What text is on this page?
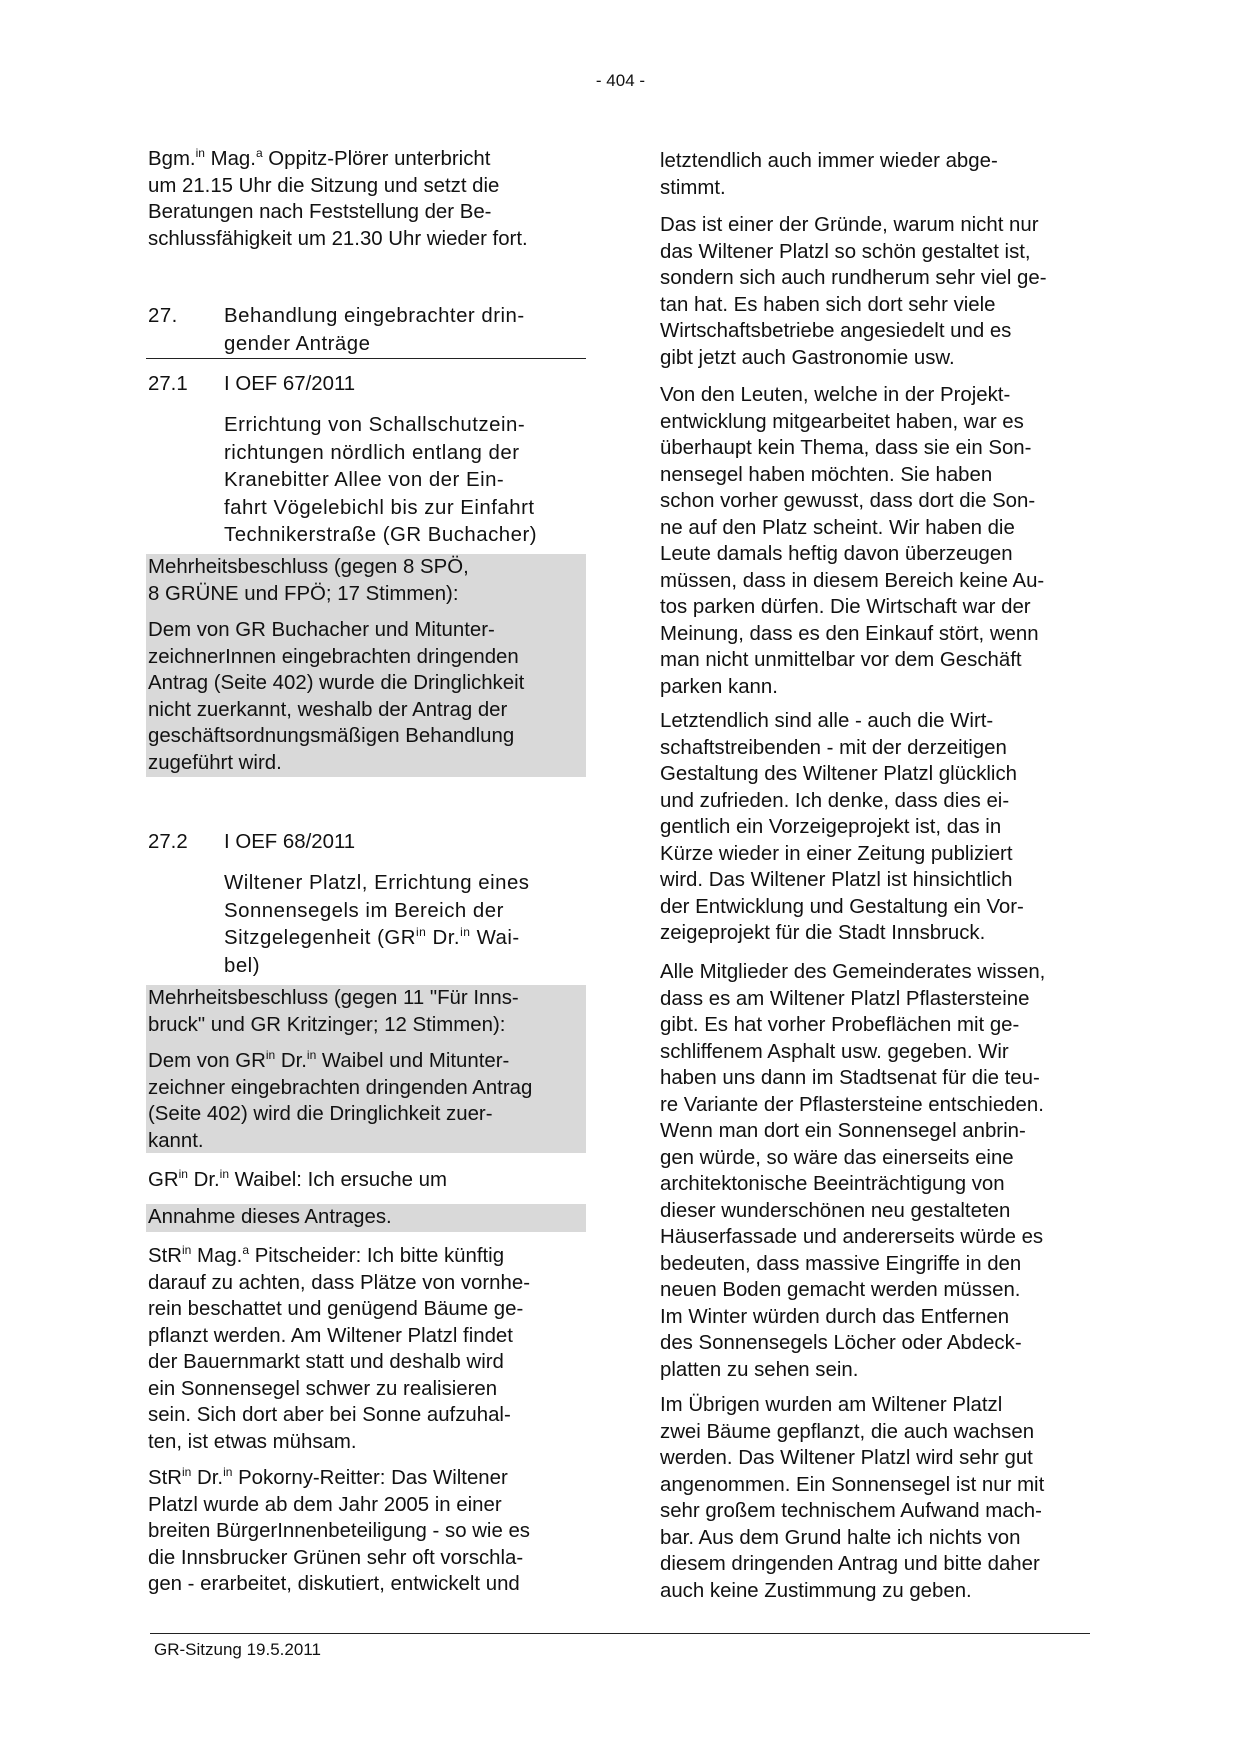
- 404 -
Bgm.$^{in}$ Mag.$^a$ Oppitz-Plörer unterbricht
um 21.15 Uhr die Sitzung und setzt die
Beratungen nach Feststellung der Be-
schlussfähigkeit um 21.30 Uhr wieder fort.
27. Behandlung eingebrachter drin-
gender Anträge
27.1 I OEF 67/2011
Errichtung von Schallschutzein-
richtungen nördlich entlang der
Kranebitter Allee von der Ein-
fahrt Vögelebichl bis zur Einfahrt
Technikerstraße (GR Buchacher)
Mehrheitsbeschluss (gegen 8 SPÖ,
8 GRÜNE und FPÖ; 17 Stimmen):
Dem von GR Buchacher und Mitunter-
zeichnerInnen eingebrachten dringenden
Antrag (Seite 402) wurde die Dringlichkeit
nicht zuerkannt, weshalb der Antrag der
geschäftsordnungsmäßigen Behandlung
zugeführt wird.
27.2 I OEF 68/2011
Wiltener Platzl, Errichtung eines
Sonnensegels im Bereich der
Sitzgelegenheit ($GR^{in}$ Dr.$^{in}$ Wai-
bel)
Mehrheitsbeschluss (gegen 11 "Für Inns-
bruck" und GR Kritzinger; 12 Stimmen):
Dem von $GR^{in}$ Dr.$^{in}$ Waibel und Mitunter-
zeichner eingebrachten dringenden Antrag
(Seite 402) wird die Dringlichkeit zuer-
kannt.
$GR^{in}$ Dr.$^{in}$ Waibel: Ich ersuche um
Annahme dieses Antrages.
StR$^{in}$ Mag.$^a$ Pitscheider: Ich bitte künftig
darauf zu achten, dass Plätze von vornhe-
rein beschattet und genügend Bäume ge-
pflanzt werden. Am Wiltener Platzl findet
der Bauernmarkt statt und deshalb wird
ein Sonnensegel schwer zu realisieren
sein. Sich dort aber bei Sonne aufzuhal-
ten, ist etwas mühsam.
StR$^{in}$ Dr.$^{in}$ Pokorny-Reitter: Das Wiltener
Platzl wurde ab dem Jahr 2005 in einer
breiten BürgerInnenbeteiligung - so wie es
die Innsbrucker Grünen sehr oft vorschla-
gen - erarbeitet, diskutiert, entwickelt und
letztendlich auch immer wieder abge-
stimmt.
Das ist einer der Gründe, warum nicht nur
das Wiltener Platzl so schön gestaltet ist,
sondern sich auch rundherum sehr viel ge-
tan hat. Es haben sich dort sehr viele
Wirtschaftsbetriebe angesiedelt und es
gibt jetzt auch Gastronomie usw.
Von den Leuten, welche in der Projekt-
entwicklung mitgearbeitet haben, war es
überhaupt kein Thema, dass sie ein Son-
nensegel haben möchten. Sie haben
schon vorher gewusst, dass dort die Son-
ne auf den Platz scheint. Wir haben die
Leute damals heftig davon überzeugen
müssen, dass in diesem Bereich keine Au-
tos parken dürfen. Die Wirtschaft war der
Meinung, dass es den Einkauf stört, wenn
man nicht unmittelbar vor dem Geschäft
parken kann.
Letztendlich sind alle - auch die Wirt-
schaftstreibenden - mit der derzeitigen
Gestaltung des Wiltener Platzl glücklich
und zufrieden. Ich denke, dass dies ei-
gentlich ein Vorzeigeprojekt ist, das in
Kürze wieder in einer Zeitung publiziert
wird. Das Wiltener Platzl ist hinsichtlich
der Entwicklung und Gestaltung ein Vor-
zeigeprojekt für die Stadt Innsbruck.
Alle Mitglieder des Gemeinderates wissen,
dass es am Wiltener Platzl Pflastersteine
gibt. Es hat vorher Probeflächen mit ge-
schliffenem Asphalt usw. gegeben. Wir
haben uns dann im Stadtsenat für die teu-
re Variante der Pflastersteine entschieden.
Wenn man dort ein Sonnensegel anbrin-
gen würde, so wäre das einerseits eine
architektonische Beeinträchtigung von
dieser wunderschönen neu gestalteten
Häuserfassade und andererseits würde es
bedeuten, dass massive Eingriffe in den
neuen Boden gemacht werden müssen.
Im Winter würden durch das Entfernen
des Sonnensegels Löcher oder Abdeck-
platten zu sehen sein.
Im Übrigen wurden am Wiltener Platzl
zwei Bäume gepflanzt, die auch wachsen
werden. Das Wiltener Platzl wird sehr gut
angenommen. Ein Sonnensegel ist nur mit
sehr großem technischem Aufwand mach-
bar. Aus dem Grund halte ich nichts von
diesem dringenden Antrag und bitte daher
auch keine Zustimmung zu geben.
GR-Sitzung 19.5.2011
